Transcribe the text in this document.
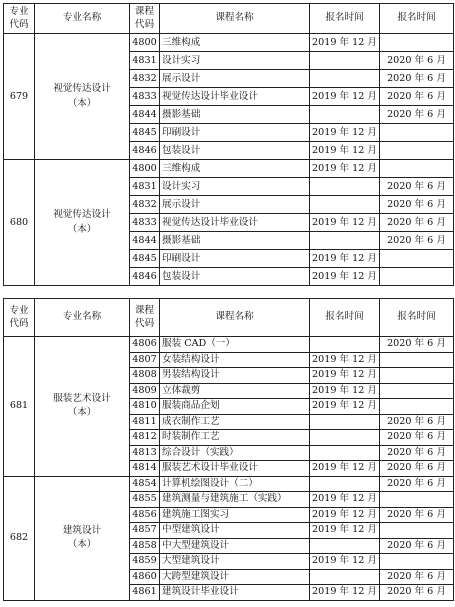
专业
代码	专业名称	课程
代码	课程名称	报名时间	报名时间
679	视觉传达设计
（本）	4800	三维构成	2019 年 12 月	
		4831	设计实习		2020 年 6 月
		4832	展示设计		2020 年 6 月
		4833	视觉传达设计毕业设计	2019 年 12 月	2020 年 6 月
		4844	摄影基础		2020 年 6 月
		4845	印刷设计	2019 年 12 月	
		4846	包装设计	2019 年 12 月	
680	视觉传达设计
（本）	4800	三维构成	2019 年 12 月	
		4831	设计实习		2020 年 6 月
		4832	展示设计		2020 年 6 月
		4833	视觉传达设计毕业设计	2019 年 12 月	2020 年 6 月
		4844	摄影基础		2020 年 6 月
		4845	印刷设计	2019 年 12 月	
		4846	包装设计	2019 年 12 月	
专业
代码	专业名称	课程
代码	课程名称	报名时间	报名时间
681	服装艺术设计
（本）	4806	服装 CAD（一）		2020 年 6 月
		4807	女装结构设计	2019 年 12 月	
		4808	男装结构设计	2019 年 12 月	
		4809	立体裁剪	2019 年 12 月	
		4810	服装商品企划	2019 年 12 月	
		4811	成衣制作工艺		2020 年 6 月
		4812	时装制作工艺		2020 年 6 月
		4813	综合设计（实践）		2020 年 6 月
		4814	服装艺术设计毕业设计	2019 年 12 月	2020 年 6 月
682	建筑设计
（本）	4854	计算机绘图设计（二）		2020 年 6 月
		4855	建筑测量与建筑施工（实践）	2019 年 12 月	
		4856	建筑施工图实习	2019 年 12 月	2020 年 6 月
		4857	中型建筑设计	2019 年 12 月	
		4858	中大型建筑设计		2020 年 6 月
		4859	大型建筑设计	2019 年 12 月	
		4860	大跨型建筑设计		2020 年 6 月
		4861	建筑设计毕业设计	2019 年 12 月	2020 年 6 月
